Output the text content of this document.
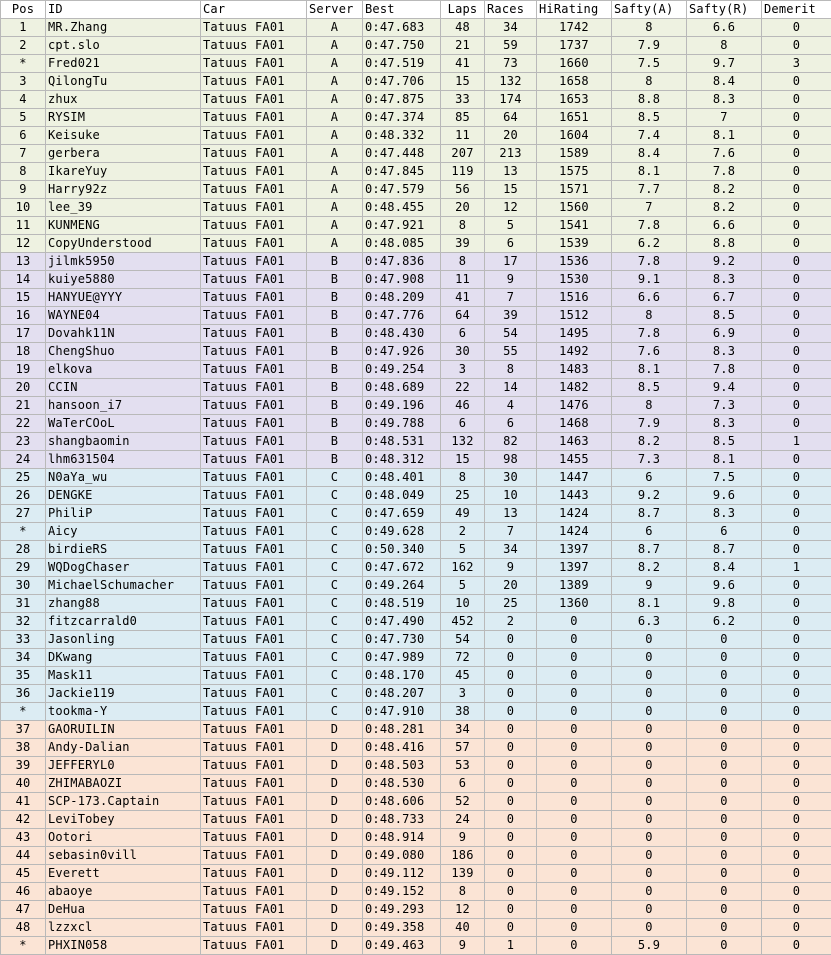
Pos	ID	Car	Server	Best	Laps	Races	HiRating	Safty(A)	Safty(R)	Demerit
1	MR.Zhang	Tatuus FA01	A	0:47.683	48	34	1742	8	6.6	0
2	cpt.slo	Tatuus FA01	A	0:47.750	21	59	1737	7.9	8	0
*	Fred021	Tatuus FA01	A	0:47.519	41	73	1660	7.5	9.7	3
3	QilongTu	Tatuus FA01	A	0:47.706	15	132	1658	8	8.4	0
4	zhux	Tatuus FA01	A	0:47.875	33	174	1653	8.8	8.3	0
5	RYSIM	Tatuus FA01	A	0:47.374	85	64	1651	8.5	7	0
6	Keisuke	Tatuus FA01	A	0:48.332	11	20	1604	7.4	8.1	0
7	gerbera	Tatuus FA01	A	0:47.448	207	213	1589	8.4	7.6	0
8	IkareYuy	Tatuus FA01	A	0:47.845	119	13	1575	8.1	7.8	0
9	Harry92z	Tatuus FA01	A	0:47.579	56	15	1571	7.7	8.2	0
10	lee_39	Tatuus FA01	A	0:48.455	20	12	1560	7	8.2	0
11	KUNMENG	Tatuus FA01	A	0:47.921	8	5	1541	7.8	6.6	0
12	CopyUnderstood	Tatuus FA01	A	0:48.085	39	6	1539	6.2	8.8	0
13	jilmk5950	Tatuus FA01	B	0:47.836	8	17	1536	7.8	9.2	0
14	kuiye5880	Tatuus FA01	B	0:47.908	11	9	1530	9.1	8.3	0
15	HANYUE@YYY	Tatuus FA01	B	0:48.209	41	7	1516	6.6	6.7	0
16	WAYNE04	Tatuus FA01	B	0:47.776	64	39	1512	8	8.5	0
17	Dovahk11N	Tatuus FA01	B	0:48.430	6	54	1495	7.8	6.9	0
18	ChengShuo	Tatuus FA01	B	0:47.926	30	55	1492	7.6	8.3	0
19	elkova	Tatuus FA01	B	0:49.254	3	8	1483	8.1	7.8	0
20	CCIN	Tatuus FA01	B	0:48.689	22	14	1482	8.5	9.4	0
21	hansoon_i7	Tatuus FA01	B	0:49.196	46	4	1476	8	7.3	0
22	WaTerCOoL	Tatuus FA01	B	0:49.788	6	6	1468	7.9	8.3	0
23	shangbaomin	Tatuus FA01	B	0:48.531	132	82	1463	8.2	8.5	1
24	lhm631504	Tatuus FA01	B	0:48.312	15	98	1455	7.3	8.1	0
25	N0aYa_wu	Tatuus FA01	C	0:48.401	8	30	1447	6	7.5	0
26	DENGKE	Tatuus FA01	C	0:48.049	25	10	1443	9.2	9.6	0
27	PhiliP	Tatuus FA01	C	0:47.659	49	13	1424	8.7	8.3	0
*	Aicy	Tatuus FA01	C	0:49.628	2	7	1424	6	6	0
28	birdieRS	Tatuus FA01	C	0:50.340	5	34	1397	8.7	8.7	0
29	WQDogChaser	Tatuus FA01	C	0:47.672	162	9	1397	8.2	8.4	1
30	MichaelSchumacher	Tatuus FA01	C	0:49.264	5	20	1389	9	9.6	0
31	zhang88	Tatuus FA01	C	0:48.519	10	25	1360	8.1	9.8	0
32	fitzcarrald0	Tatuus FA01	C	0:47.490	452	2	0	6.3	6.2	0
33	Jasonling	Tatuus FA01	C	0:47.730	54	0	0	0	0	0
34	DKwang	Tatuus FA01	C	0:47.989	72	0	0	0	0	0
35	Mask11	Tatuus FA01	C	0:48.170	45	0	0	0	0	0
36	Jackie119	Tatuus FA01	C	0:48.207	3	0	0	0	0	0
*	tookma-Y	Tatuus FA01	C	0:47.910	38	0	0	0	0	0
37	GAORUILIN	Tatuus FA01	D	0:48.281	34	0	0	0	0	0
38	Andy-Dalian	Tatuus FA01	D	0:48.416	57	0	0	0	0	0
39	JEFFERYL0	Tatuus FA01	D	0:48.503	53	0	0	0	0	0
40	ZHIMABAOZI	Tatuus FA01	D	0:48.530	6	0	0	0	0	0
41	SCP-173.Captain	Tatuus FA01	D	0:48.606	52	0	0	0	0	0
42	LeviTobey	Tatuus FA01	D	0:48.733	24	0	0	0	0	0
43	Ootori	Tatuus FA01	D	0:48.914	9	0	0	0	0	0
44	sebasin0vill	Tatuus FA01	D	0:49.080	186	0	0	0	0	0
45	Everett	Tatuus FA01	D	0:49.112	139	0	0	0	0	0
46	abaoye	Tatuus FA01	D	0:49.152	8	0	0	0	0	0
47	DeHua	Tatuus FA01	D	0:49.293	12	0	0	0	0	0
48	lzzxcl	Tatuus FA01	D	0:49.358	40	0	0	0	0	0
*	PHXIN058	Tatuus FA01	D	0:49.463	9	1	0	5.9	0	0
